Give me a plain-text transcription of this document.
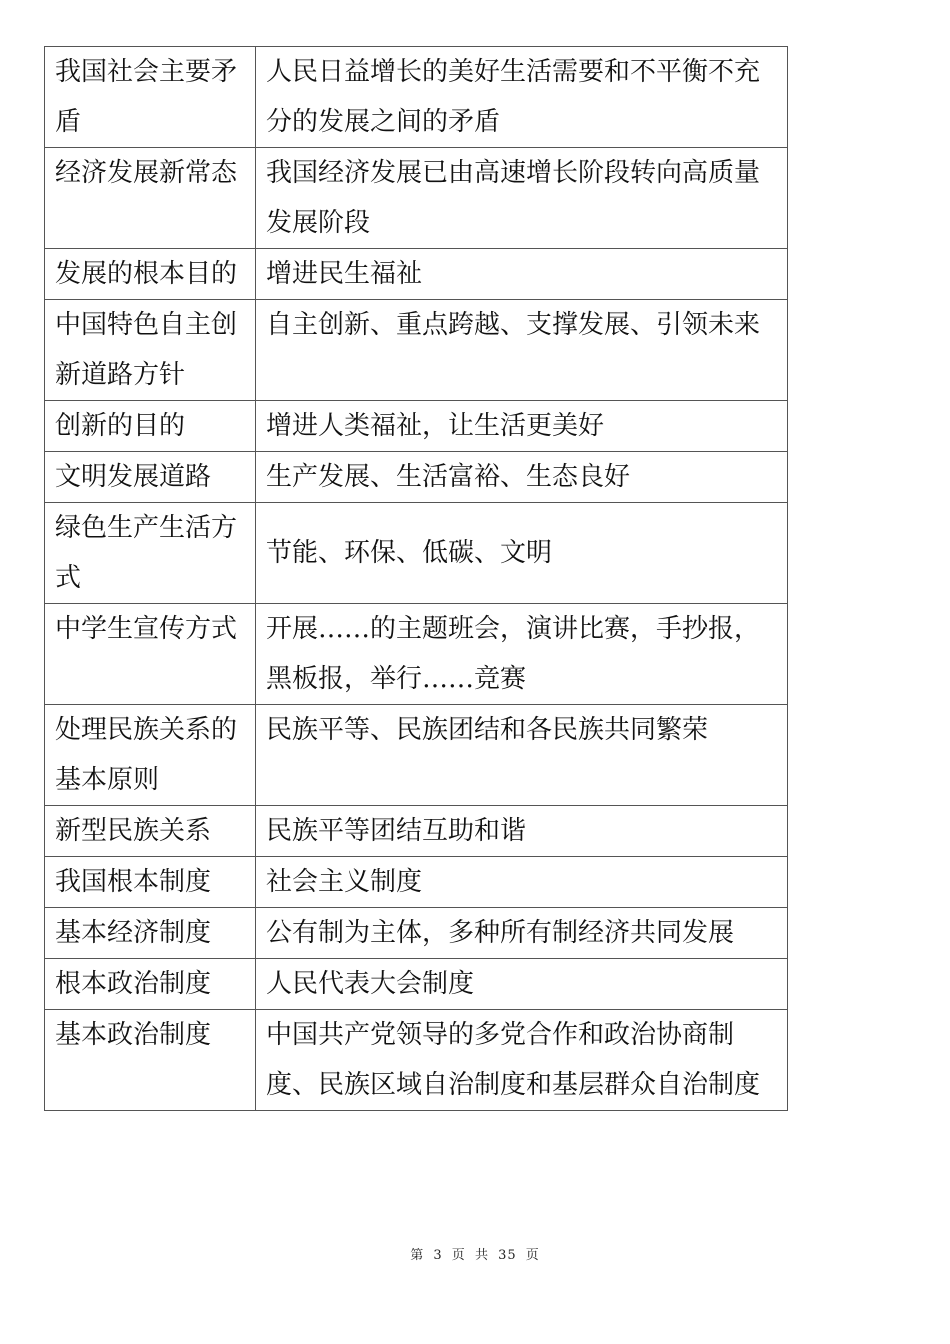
我国社会主要矛盾	人民日益增长的美好生活需要和不平衡不充分的发展之间的矛盾
经济发展新常态	我国经济发展已由高速增长阶段转向高质量发展阶段
发展的根本目的	增进民生福祉
中国特色自主创新道路方针	自主创新、重点跨越、支撑发展、引领未来
创新的目的	增进人类福祉，让生活更美好
文明发展道路	生产发展、生活富裕、生态良好
绿色生产生活方式	节能、环保、低碳、文明
中学生宣传方式	开展……的主题班会，演讲比赛，手抄报，黑板报，举行……竞赛
处理民族关系的基本原则	民族平等、民族团结和各民族共同繁荣
新型民族关系	民族平等团结互助和谐
我国根本制度	社会主义制度
基本经济制度	公有制为主体，多种所有制经济共同发展
根本政治制度	人民代表大会制度
基本政治制度	中国共产党领导的多党合作和政治协商制度、民族区域自治制度和基层群众自治制度
第 3 页 共 35 页
